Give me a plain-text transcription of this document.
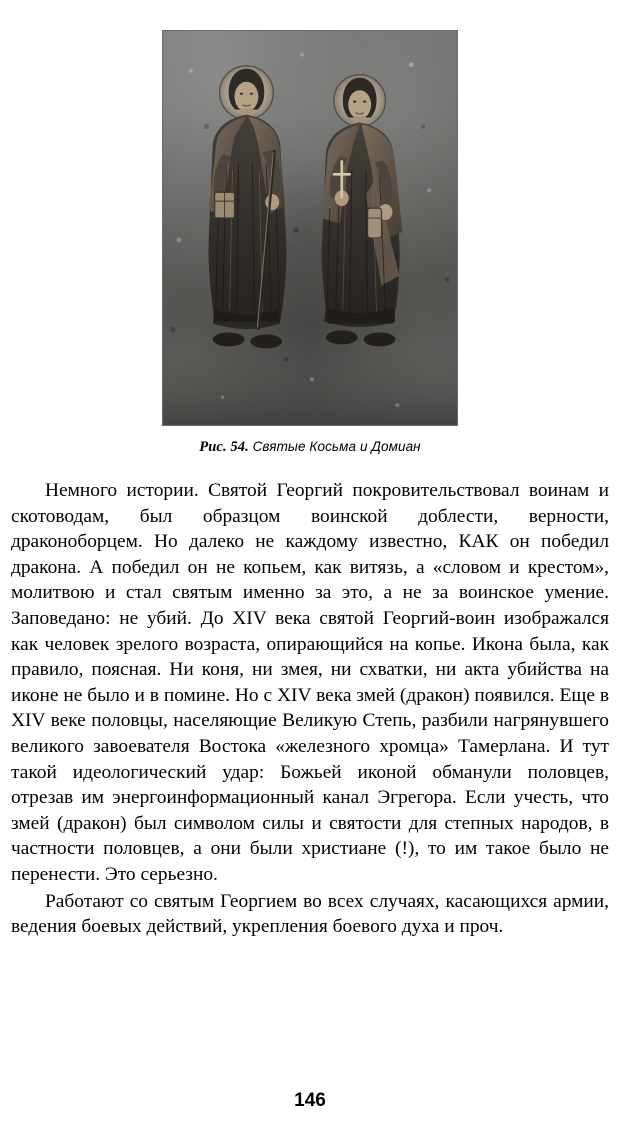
Рис. 54. Святые Косьма и Домиан

Немного истории. Святой Георгий покровительствовал воинам и скотоводам, был образцом воинской доблести, верности, драконоборцем. Но далеко не каждому известно, КАК он победил дракона. А победил он не копьем, как витязь, а «словом и крестом», молитвою и стал святым именно за это, а не за воинское умение. Заповедано: не убий. До XIV века святой Георгий-воин изображался как человек зрелого возраста, опирающийся на копье. Икона была, как правило, поясная. Ни коня, ни змея, ни схватки, ни акта убийства на иконе не было и в помине. Но с XIV века змей (дракон) появился. Еще в XIV веке половцы, населяющие Великую Степь, разбили нагрянувшего великого завоевателя Востока «железного хромца» Тамерлана. И тут такой идеологический удар: Божьей иконой обманули половцев, отрезав им энергоинформационный канал Эгрегора. Если учесть, что змей (дракон) был символом силы и святости для степных народов, в частности половцев, а они были христиане (!), то им такое было не перенести. Это серьезно.

Работают со святым Георгием во всех случаях, касающихся армии, ведения боевых действий, укрепления боевого духа и проч.

146
